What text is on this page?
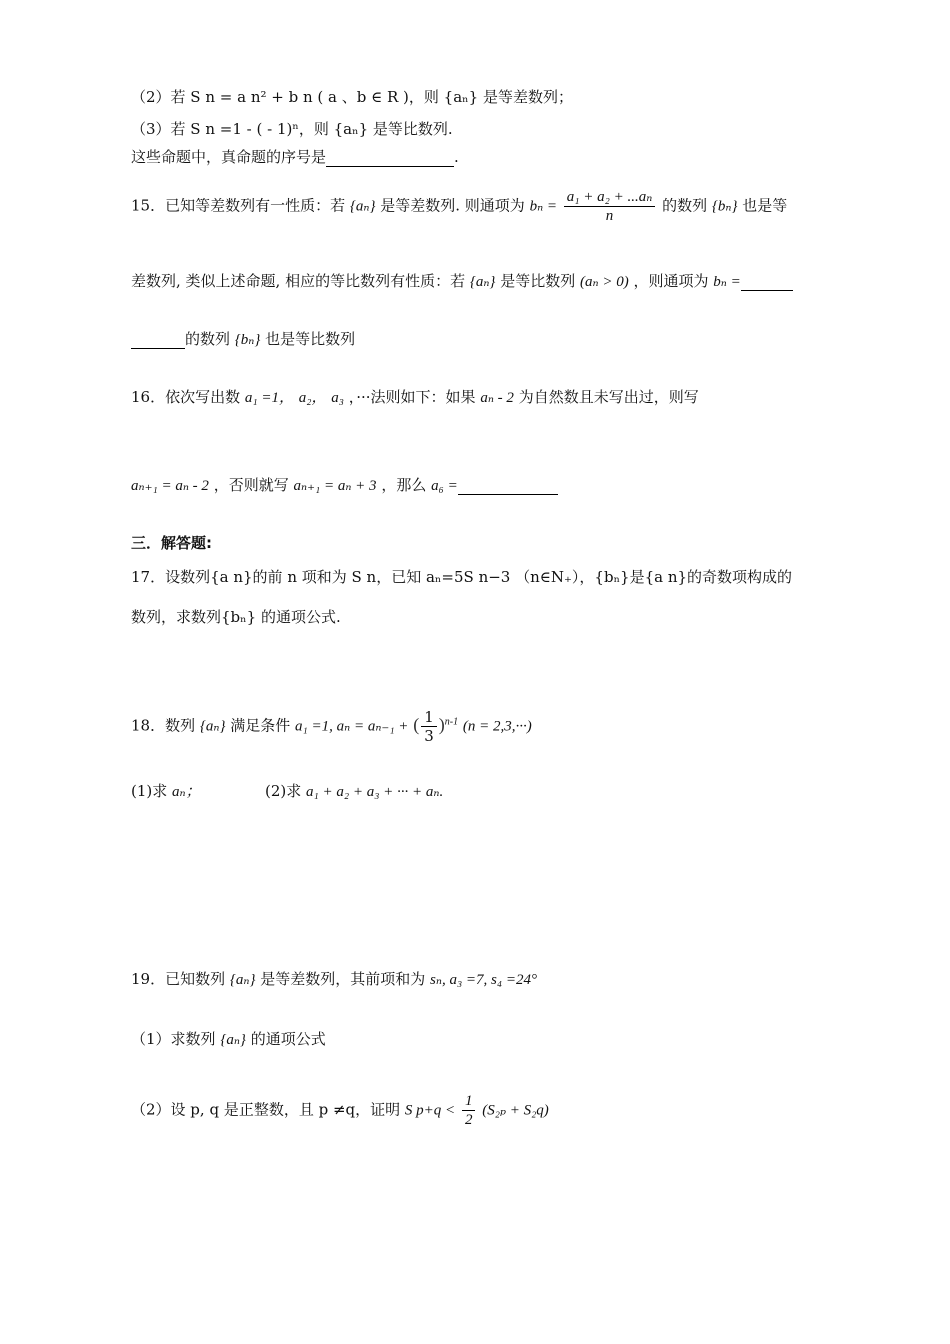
（2）若 S n = a n² + b n ( a 、b ∈ R )，则 {aₙ} 是等差数列；
（3）若 S n =1 - ( - 1)ⁿ，则 {aₙ} 是等比数列.
这些命题中，真命题的序号是	.
15．已知等差数列有一性质：若 {aₙ} 是等差数列. 则通项为 $b_n = \frac{\text{a₁ + a₂ + ...aₙ}}{n}$ 的数列 {bₙ} 也是等
差数列, 类似上述命题, 相应的等比数列有性质：若 {aₙ} 是等比数列 (aₙ > 0) ，则通项为 bₙ =
的数列 {bₙ} 也是等比数列
16．依次写出数 a₁ =1， a₂， a₃ ，···法则如下：如果 aₙ - 2 为自然数且未写出过，则写
aₙ₊₁ = aₙ - 2 ，否则就写 aₙ₊₁ = aₙ + 3 ，那么 a₆ =
三．解答题:
17．设数列{a n}的前 n 项和为 S n，已知 aₙ=5S n−3 （n∈N₊），{bₙ}是{a n}的奇数项构成的
数列，求数列{bₙ} 的通项公式.
18．数列 {aₙ} 满足条件 a₁ =1, aₙ = aₙ₋₁ + ( $\frac{1}{3} )^{n-1}$ (n = 2,3,···)
(1)求 aₙ；	(2)求 a₁ + a₂ + a₃ + ··· + aₙ.
19．已知数列 {aₙ} 是等差数列，其前项和为 sₙ, a₃ =7, s₄ =24°
（1）求数列 {aₙ} 的通项公式
（2）设 p, q 是正整数，且 p ≠q，证明 S $p+q < \frac{1}{2} (S_{2p} + S_2q)$
